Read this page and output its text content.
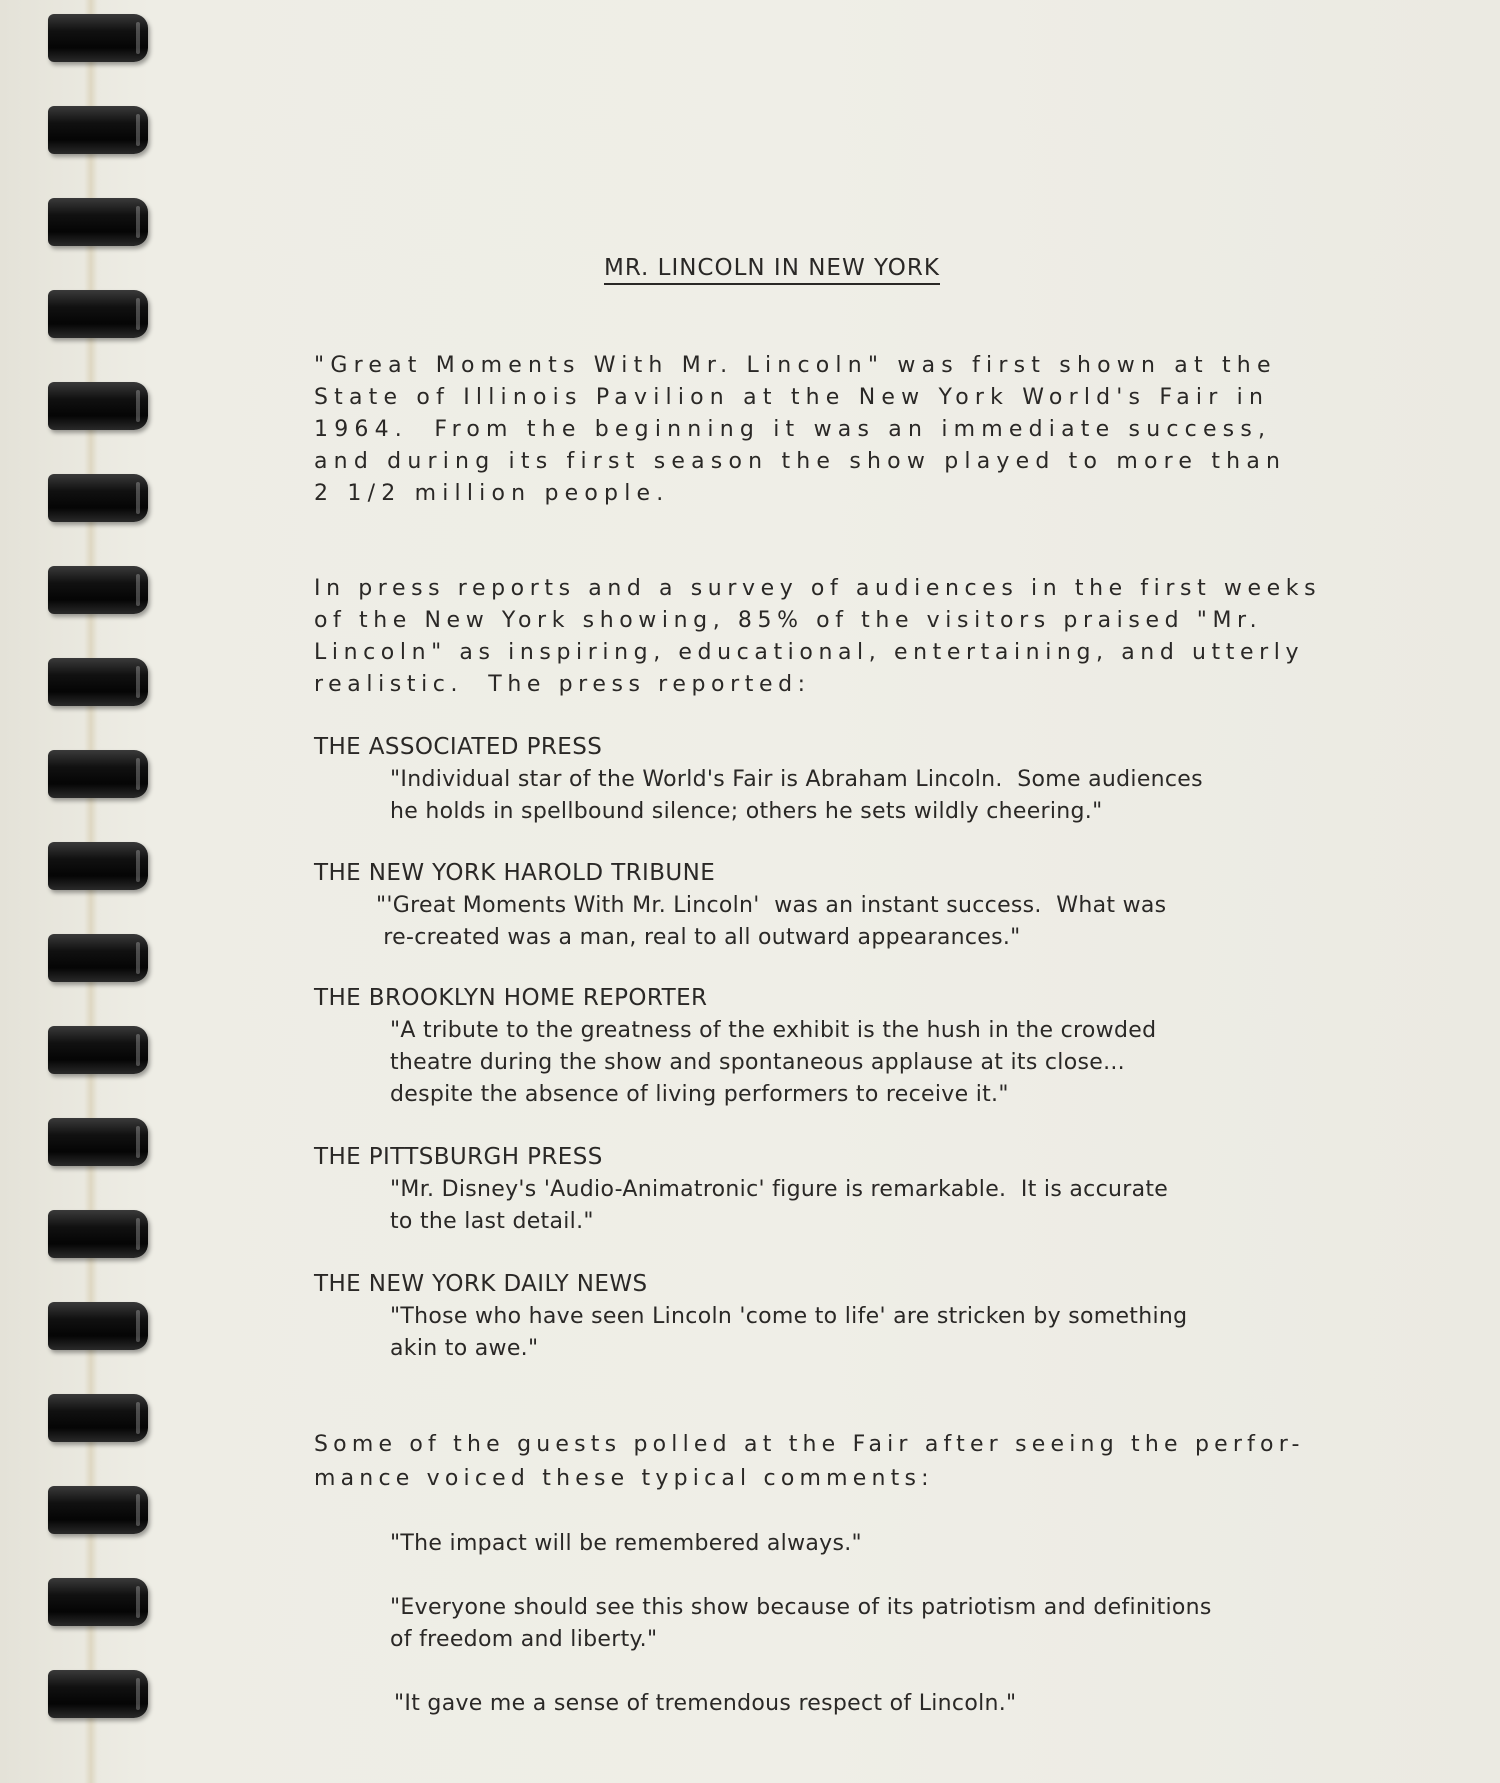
MR. LINCOLN IN NEW YORK
"Great Moments With Mr. Lincoln" was first shown at the
State of Illinois Pavilion at the New York World's Fair in
1964.  From the beginning it was an immediate success,
and during its first season the show played to more than
2 1/2 million people.
In press reports and a survey of audiences in the first weeks
of the New York showing, 85% of the visitors praised "Mr.
Lincoln" as inspiring, educational, entertaining, and utterly
realistic.  The press reported:
THE ASSOCIATED PRESS
"Individual star of the World's Fair is Abraham Lincoln.  Some audiences
he holds in spellbound silence; others he sets wildly cheering."
THE NEW YORK HAROLD TRIBUNE
"'Great Moments With Mr. Lincoln'  was an instant success.  What was
re-created was a man, real to all outward appearances."
THE BROOKLYN HOME REPORTER
"A tribute to the greatness of the exhibit is the hush in the crowded
theatre during the show and spontaneous applause at its close...
despite the absence of living performers to receive it."
THE PITTSBURGH PRESS
"Mr. Disney's 'Audio-Animatronic' figure is remarkable.  It is accurate
to the last detail."
THE NEW YORK DAILY NEWS
"Those who have seen Lincoln 'come to life' are stricken by something
akin to awe."
Some of the guests polled at the Fair after seeing the perfor-
mance voiced these typical comments:
"The impact will be remembered always."
"Everyone should see this show because of its patriotism and definitions
of freedom and liberty."
"It gave me a sense of tremendous respect of Lincoln."
